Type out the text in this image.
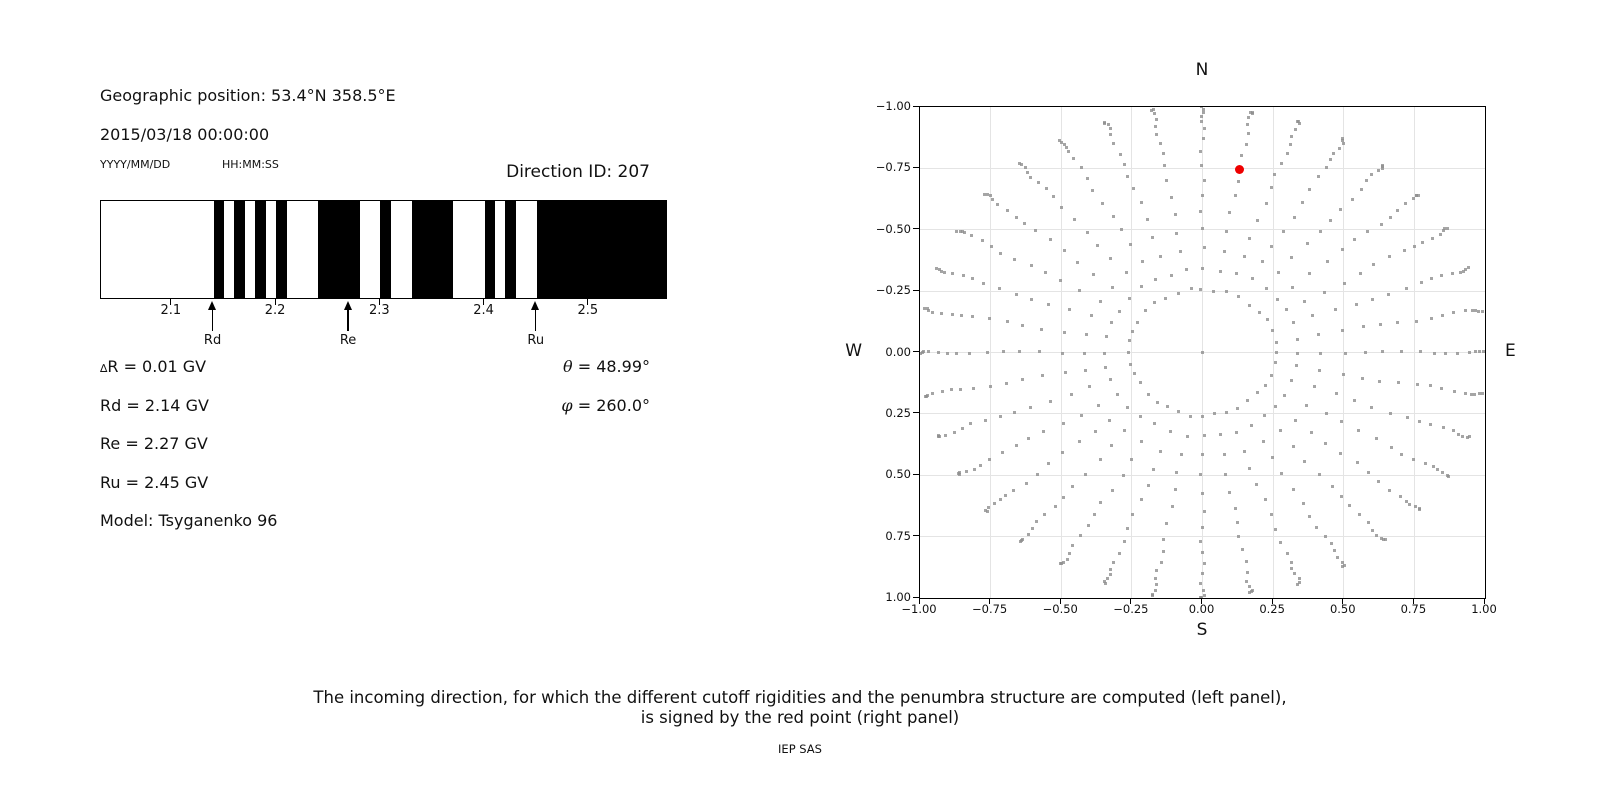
Geographic position: 53.4°N 358.5°E
2015/03/18 00:00:00
YYYY/MM/DD	HH:MM:SS	Direction ID: 207
2.1	2.2	2.3	2.4	2.5
Rd	Re	Ru
∆R = 0.01 GV
Rd = 2.14 GV
Re = 2.27 GV
Ru = 2.45 GV
Model: Tsyganenko 96
θ = 48.99°
φ = 260.0°
−1.00
1.00
−0.75
0.75
−0.50
0.50
−0.25
0.25
0.00
0.00
0.25
−0.25
0.50
−0.50
0.75
−0.75
1.00
−1.00
N
S
W	E
The incoming direction, for which the different cutoff rigidities and the penumbra structure are computed (left panel),
is signed by the red point (right panel)
IEP SAS
